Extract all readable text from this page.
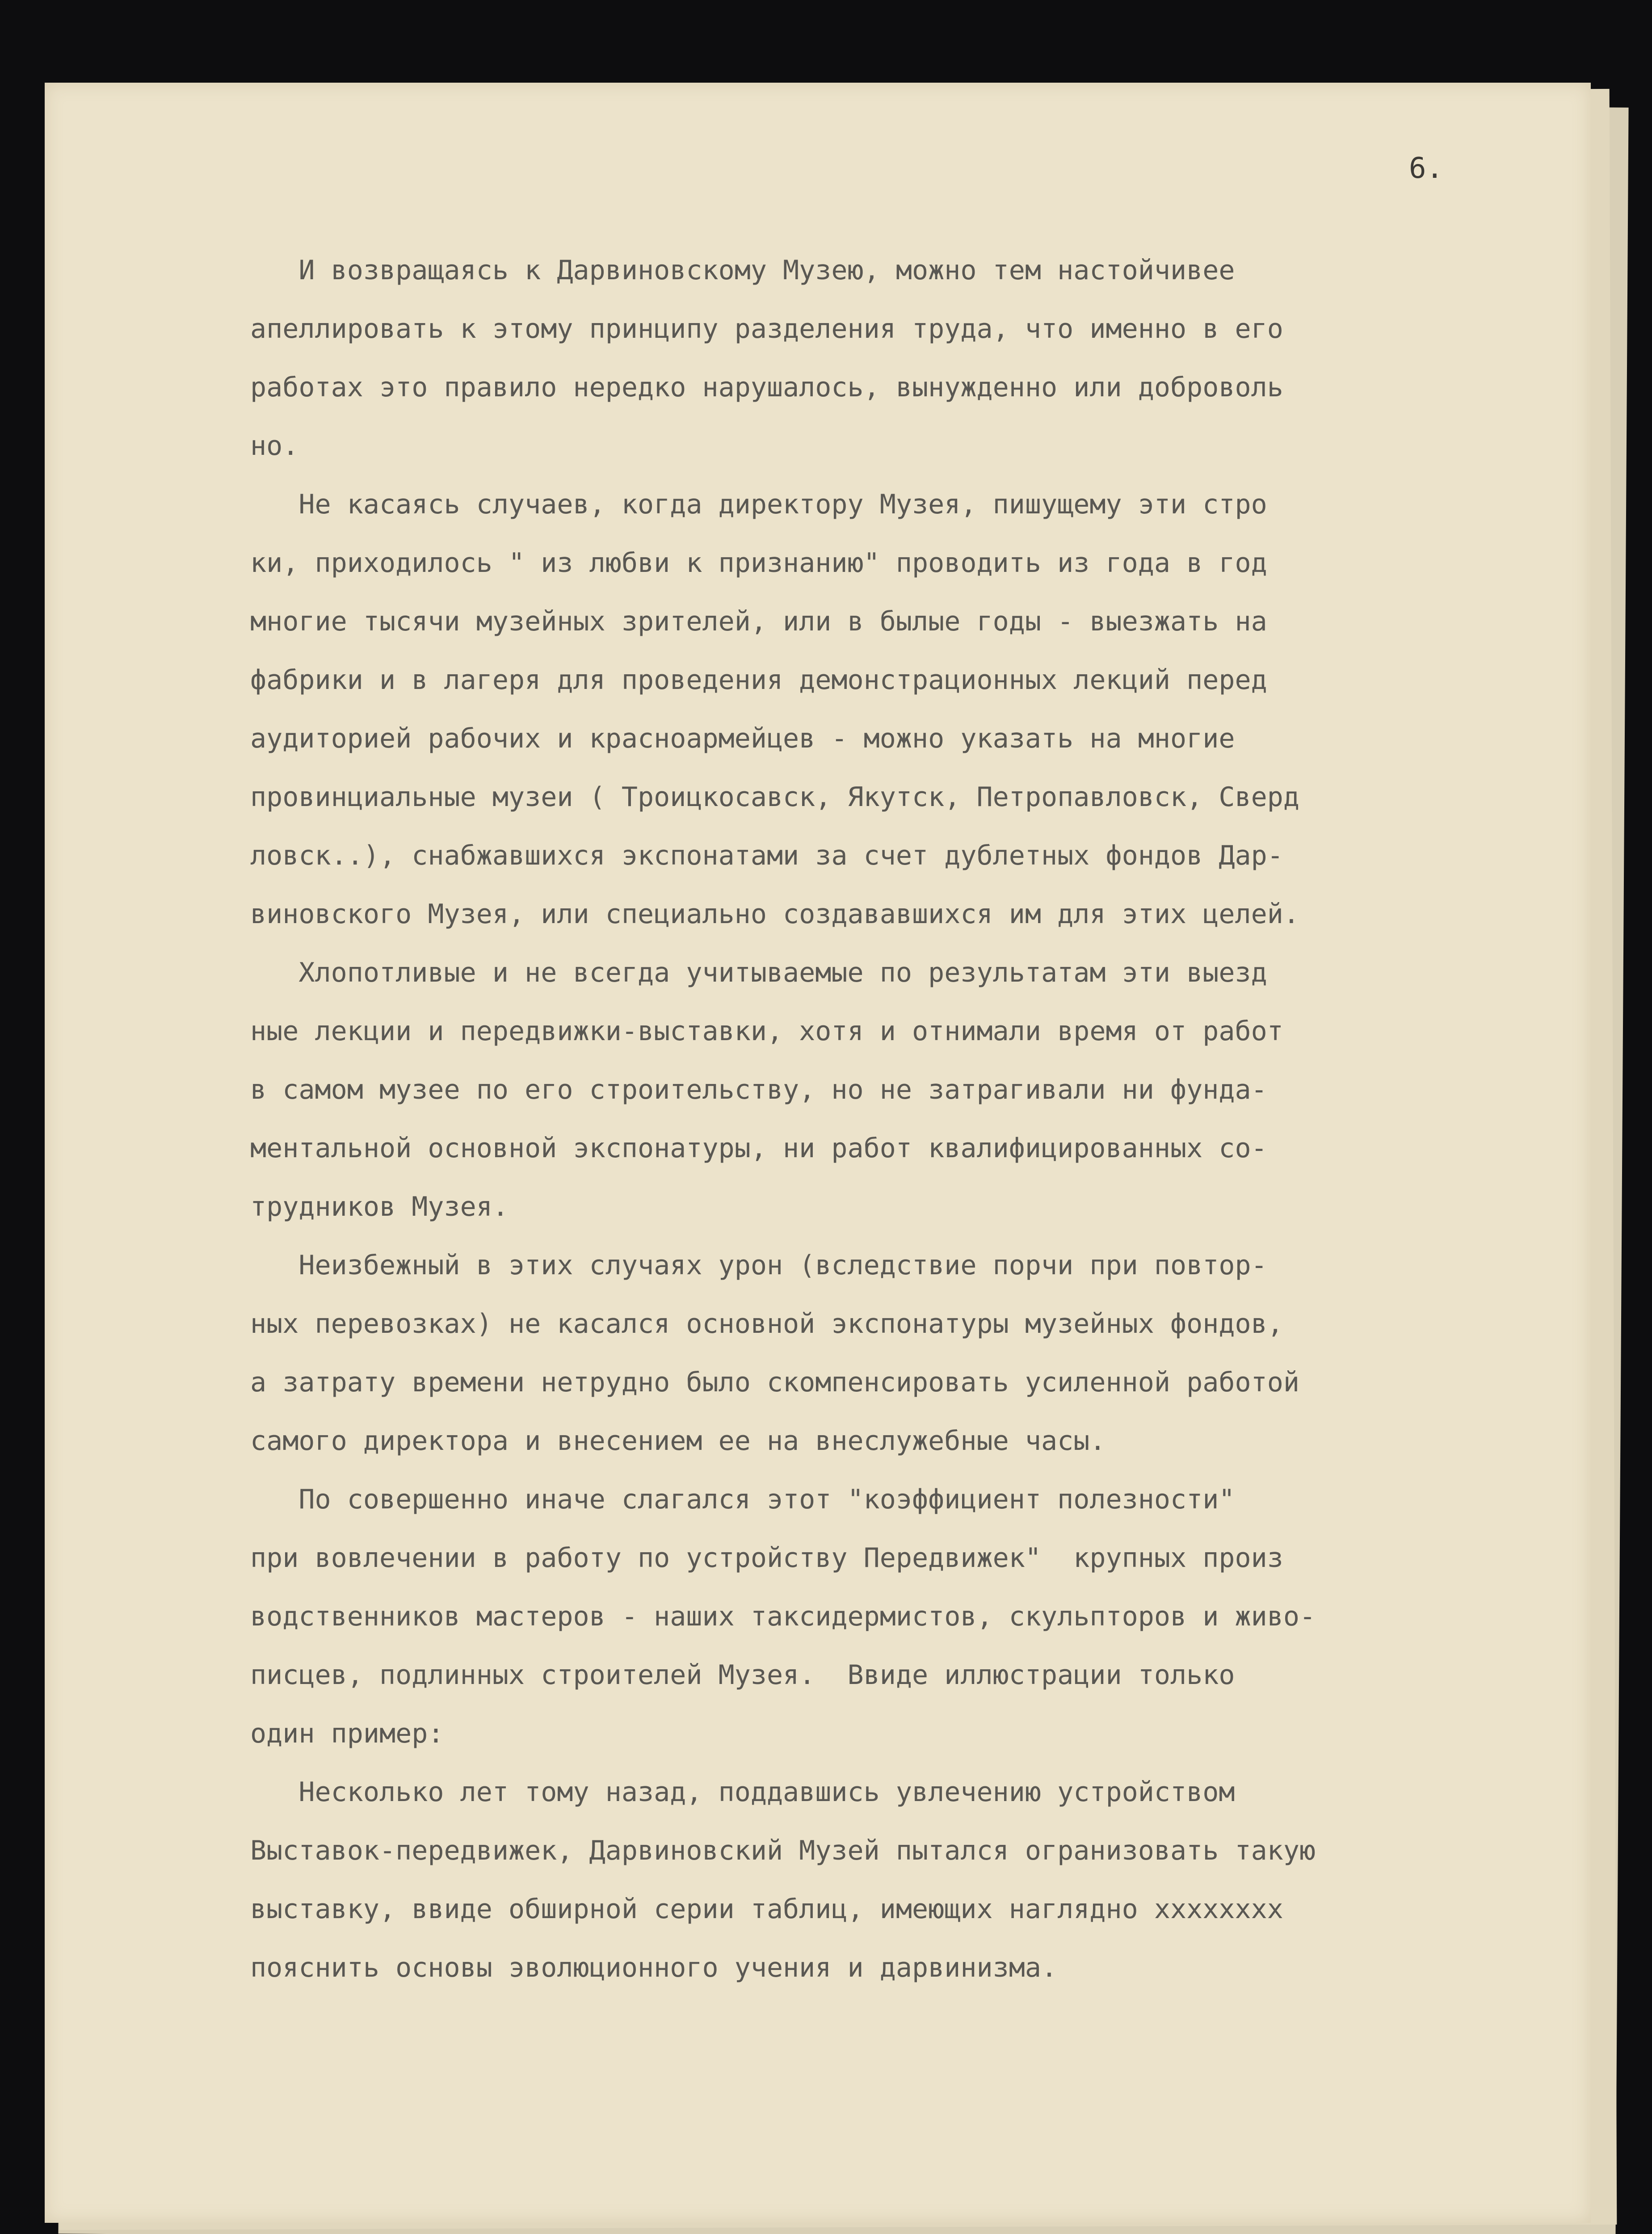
6.
И возвращаясь к Дарвиновскому Музею, можно тем настойчивее
апеллировать к этому принципу разделения труда, что именно в его
работах это правило нередко нарушалось, вынужденно или доброволь
но.
Не касаясь случаев, когда директору Музея, пишущему эти стро
ки, приходилось " из любви к признанию" проводить из года в год
многие тысячи музейных зрителей, или в былые годы - выезжать на
фабрики и в лагеря для проведения демонстрационных лекций перед
аудиторией рабочих и красноармейцев - можно указать на многие
провинциальные музеи ( Троицкосавск, Якутск, Петропавловск, Сверд
ловск..), снабжавшихся экспонатами за счет дублетных фондов Дар-
виновского Музея, или специально создававшихся им для этих целей.
Хлопотливые и не всегда учитываемые по результатам эти выезд
ные лекции и передвижки-выставки, хотя и отнимали время от работ
в самом музее по его строительству, но не затрагивали ни фунда-
ментальной основной экспонатуры, ни работ квалифицированных со-
трудников Музея.
Неизбежный в этих случаях урон (вследствие порчи при повтор-
ных перевозках) не касался основной экспонатуры музейных фондов,
а затрату времени нетрудно было скомпенсировать усиленной работой
самого директора и внесением ее на внеслужебные часы.
По совершенно иначе слагался этот "коэффициент полезности"
при вовлечении в работу по устройству Передвижек"  крупных произ
водственников мастеров - наших таксидермистов, скульпторов и живо-
писцев, подлинных строителей Музея.  Ввиде иллюстрации только
один пример:
Несколько лет тому назад, поддавшись увлечению устройством
Выставок-передвижек, Дарвиновский Музей пытался огранизовать такую
выставку, ввиде обширной серии таблиц, имеющих наглядно xxxxxxxx
пояснить основы эволюционного учения и дарвинизма.
